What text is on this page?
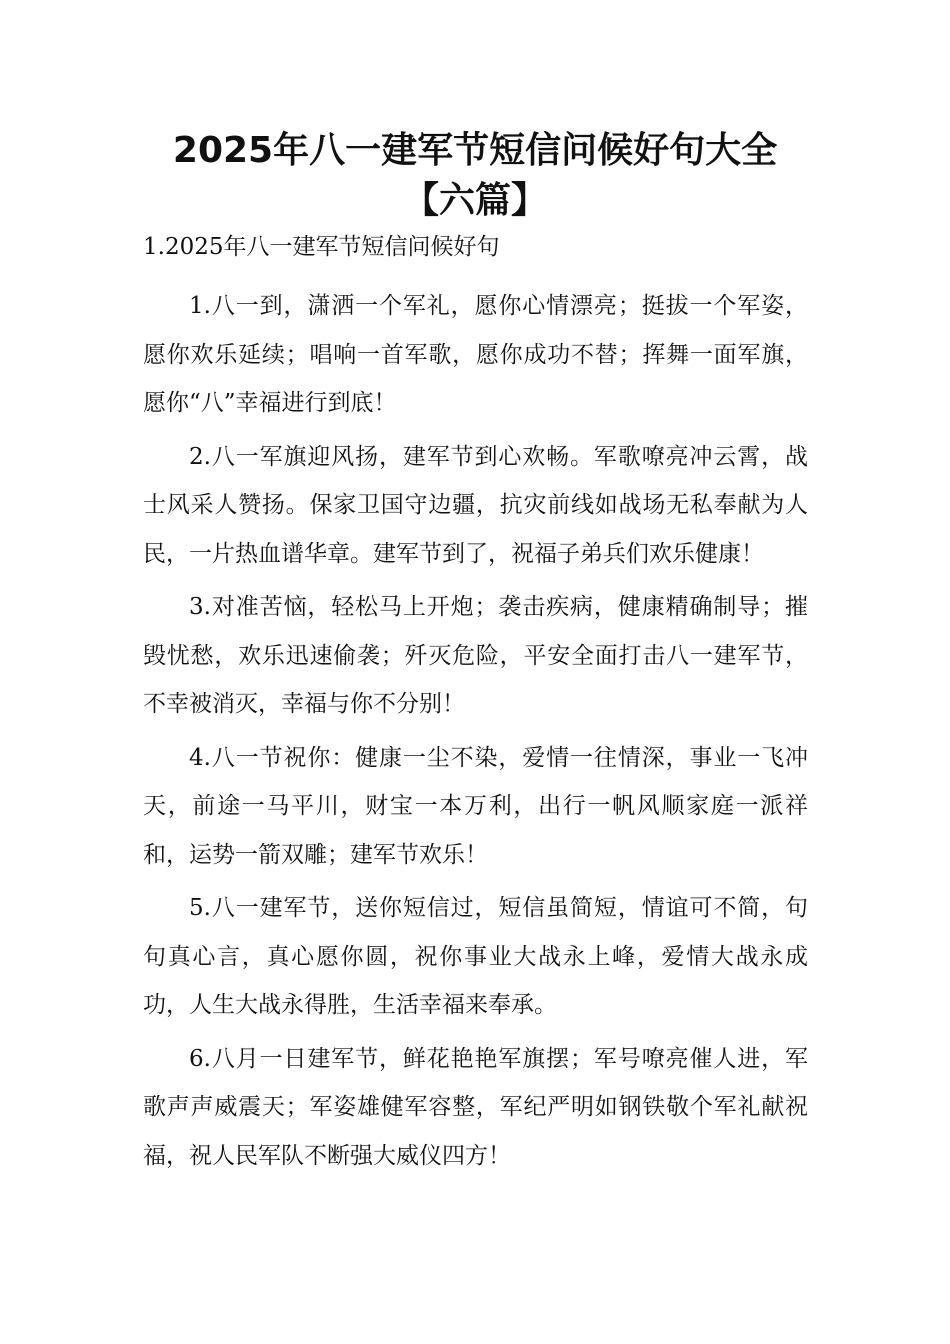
2025年八一建军节短信问候好句大全【六篇】

1.2025年八一建军节短信问候好句

1.八一到，潇洒一个军礼，愿你心情漂亮；挺拔一个军姿，愿你欢乐延续；唱响一首军歌，愿你成功不替；挥舞一面军旗，愿你“八”幸福进行到底！

2.八一军旗迎风扬，建军节到心欢畅。军歌嘹亮冲云霄，战士风采人赞扬。保家卫国守边疆，抗灾前线如战场无私奉献为人民，一片热血谱华章。建军节到了，祝福子弟兵们欢乐健康！

3.对准苦恼，轻松马上开炮；袭击疾病，健康精确制导；摧毁忧愁，欢乐迅速偷袭；歼灭危险，平安全面打击八一建军节，不幸被消灭，幸福与你不分别！

4.八一节祝你：健康一尘不染，爱情一往情深，事业一飞冲天，前途一马平川，财宝一本万利，出行一帆风顺家庭一派祥和，运势一箭双雕；建军节欢乐！

5.八一建军节，送你短信过，短信虽简短，情谊可不简，句句真心言，真心愿你圆，祝你事业大战永上峰，爱情大战永成功，人生大战永得胜，生活幸福来奉承。

6.八月一日建军节，鲜花艳艳军旗摆；军号嘹亮催人进，军歌声声威震天；军姿雄健军容整，军纪严明如钢铁敬个军礼献祝福，祝人民军队不断强大威仪四方！
